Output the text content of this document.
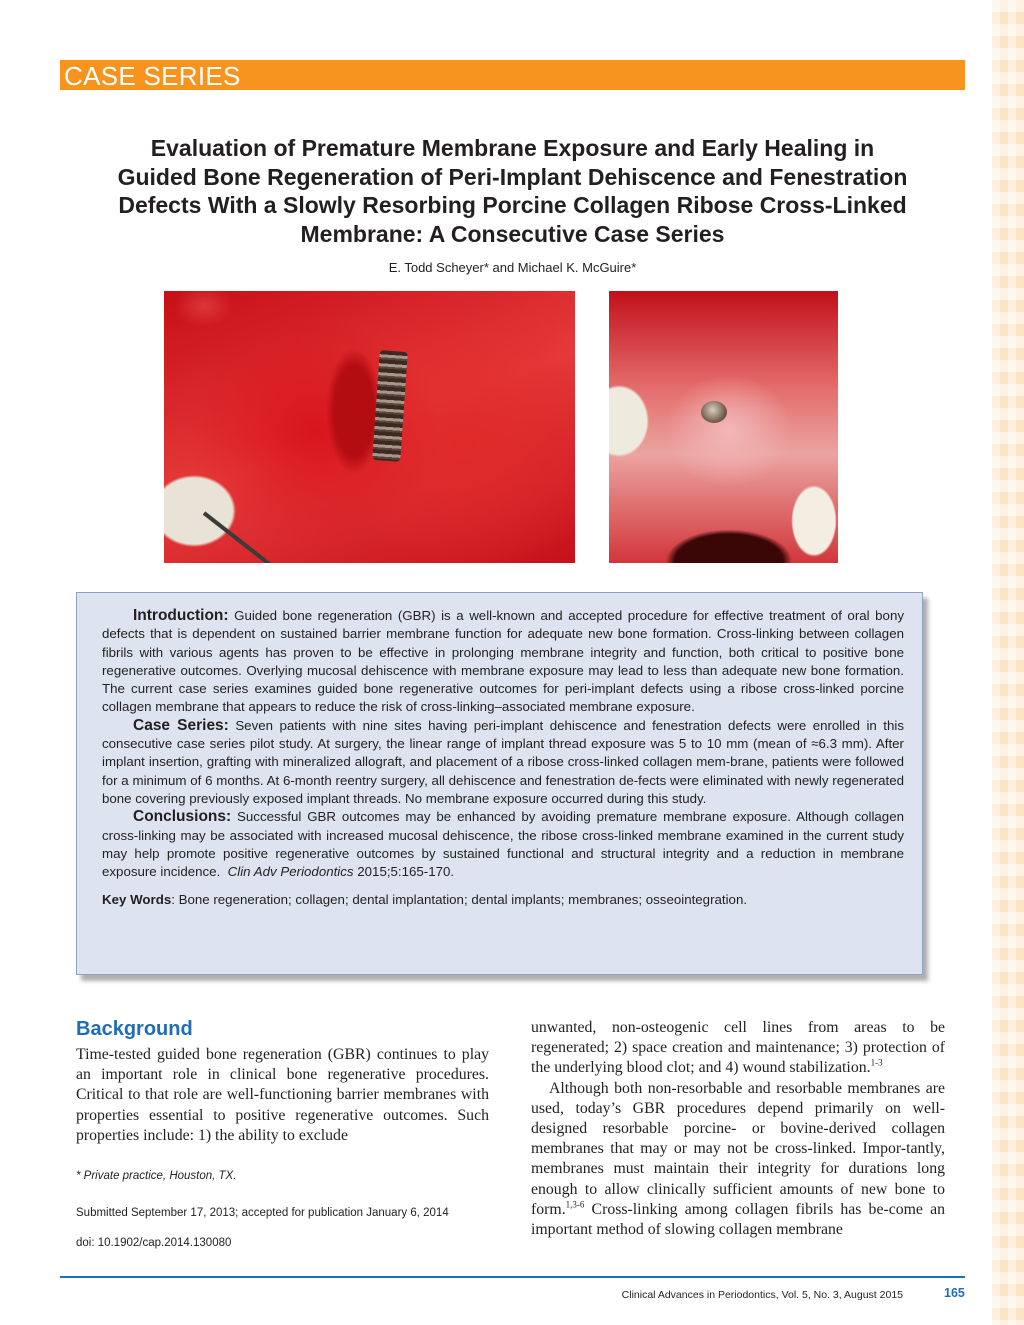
CASE SERIES
Evaluation of Premature Membrane Exposure and Early Healing in
Guided Bone Regeneration of Peri-Implant Dehiscence and Fenestration
Defects With a Slowly Resorbing Porcine Collagen Ribose Cross-Linked
Membrane: A Consecutive Case Series
E. Todd Scheyer* and Michael K. McGuire*

Introduction: Guided bone regeneration (GBR) is a well-known and accepted procedure for effective treatment of oral bony defects that is dependent on sustained barrier membrane function for adequate new bone formation. Cross-linking between collagen fibrils with various agents has proven to be effective in prolonging membrane integrity and function, both critical to positive bone regenerative outcomes. Overlying mucosal dehiscence with membrane exposure may lead to less than adequate new bone formation. The current case series examines guided bone regenerative outcomes for peri-implant defects using a ribose cross-linked porcine collagen membrane that appears to reduce the risk of cross-linking–associated membrane exposure.

Case Series: Seven patients with nine sites having peri-implant dehiscence and fenestration defects were enrolled in this consecutive case series pilot study. At surgery, the linear range of implant thread exposure was 5 to 10 mm (mean of ≈6.3 mm). After implant insertion, grafting with mineralized allograft, and placement of a ribose cross-linked collagen mem-brane, patients were followed for a minimum of 6 months. At 6-month reentry surgery, all dehiscence and fenestration de-fects were eliminated with newly regenerated bone covering previously exposed implant threads. No membrane exposure occurred during this study.

Conclusions: Successful GBR outcomes may be enhanced by avoiding premature membrane exposure. Although collagen cross-linking may be associated with increased mucosal dehiscence, the ribose cross-linked membrane examined in the current study may help promote positive regenerative outcomes by sustained functional and structural integrity and a reduction in membrane exposure incidence. Clin Adv Periodontics 2015;5:165-170.

Key Words: Bone regeneration; collagen; dental implantation; dental implants; membranes; osseointegration.

Background

Time-tested guided bone regeneration (GBR) continues to play an important role in clinical bone regenerative procedures. Critical to that role are well-functioning barrier membranes with properties essential to positive regenerative outcomes. Such properties include: 1) the ability to exclude

* Private practice, Houston, TX.
Submitted September 17, 2013; accepted for publication January 6, 2014
doi: 10.1902/cap.2014.130080

unwanted, non-osteogenic cell lines from areas to be regenerated; 2) space creation and maintenance; 3) protection of the underlying blood clot; and 4) wound stabilization.$^{1-3}$

Although both non-resorbable and resorbable membranes are used, today’s GBR procedures depend primarily on well-designed resorbable porcine- or bovine-derived collagen membranes that may or may not be cross-linked. Impor-tantly, membranes must maintain their integrity for durations long enough to allow clinically sufficient amounts of new bone to form.$^{1,3-6}$ Cross-linking among collagen fibrils has be-come an important method of slowing collagen membrane

Clinical Advances in Periodontics, Vol. 5, No. 3, August 2015	165
